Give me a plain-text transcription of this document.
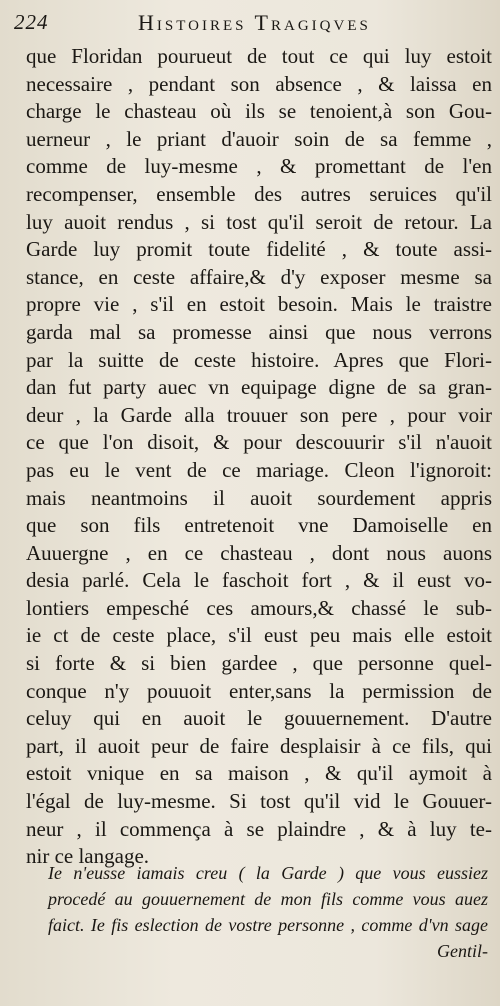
224	Histoires Tragiqves
que Floridan pourueut de tout ce qui luy estoit
necessaire , pendant son absence , & laissa en
charge le chasteau où ils se tenoient,à son Gou-
uerneur , le priant d'auoir soin de sa femme ,
comme de luy-mesme , & promettant de l'en
recompenser, ensemble des autres seruices qu'il
luy auoit rendus , si tost qu'il seroit de retour. La
Garde luy promit toute fidelité , & toute assi-
stance, en ceste affaire,& d'y exposer mesme sa
propre vie , s'il en estoit besoin. Mais le traistre
garda mal sa promesse ainsi que nous verrons
par la suitte de ceste histoire. Apres que Flori-
dan fut party auec vn equipage digne de sa gran-
deur , la Garde alla trouuer son pere , pour voir
ce que l'on disoit, & pour descouurir s'il n'auoit
pas eu le vent de ce mariage. Cleon l'ignoroit:
mais neantmoins il auoit sourdement appris
que son fils entretenoit vne Damoiselle en
Auuergne , en ce chasteau , dont nous auons
desia parlé. Cela le faschoit fort , & il eust vo-
lontiers empesché ces amours,& chassé le sub-
ie ct de ceste place, s'il eust peu mais elle estoit
si forte & si bien gardee , que personne quel-
conque n'y pouuoit enter,sans la permission de
celuy qui en auoit le gouuernement. D'autre
part, il auoit peur de faire desplaisir à ce fils, qui
estoit vnique en sa maison , & qu'il aymoit à
l'égal de luy-mesme. Si tost qu'il vid le Gouuer-
neur , il commença à se plaindre , & à luy te-
nir ce langage.
Ie n'eusse iamais creu ( la Garde ) que vous eussiez
procedé au gouuernement de mon fils comme vous auez
faict. Ie fis eslection de vostre personne , comme d'vn sage
Gentil-
